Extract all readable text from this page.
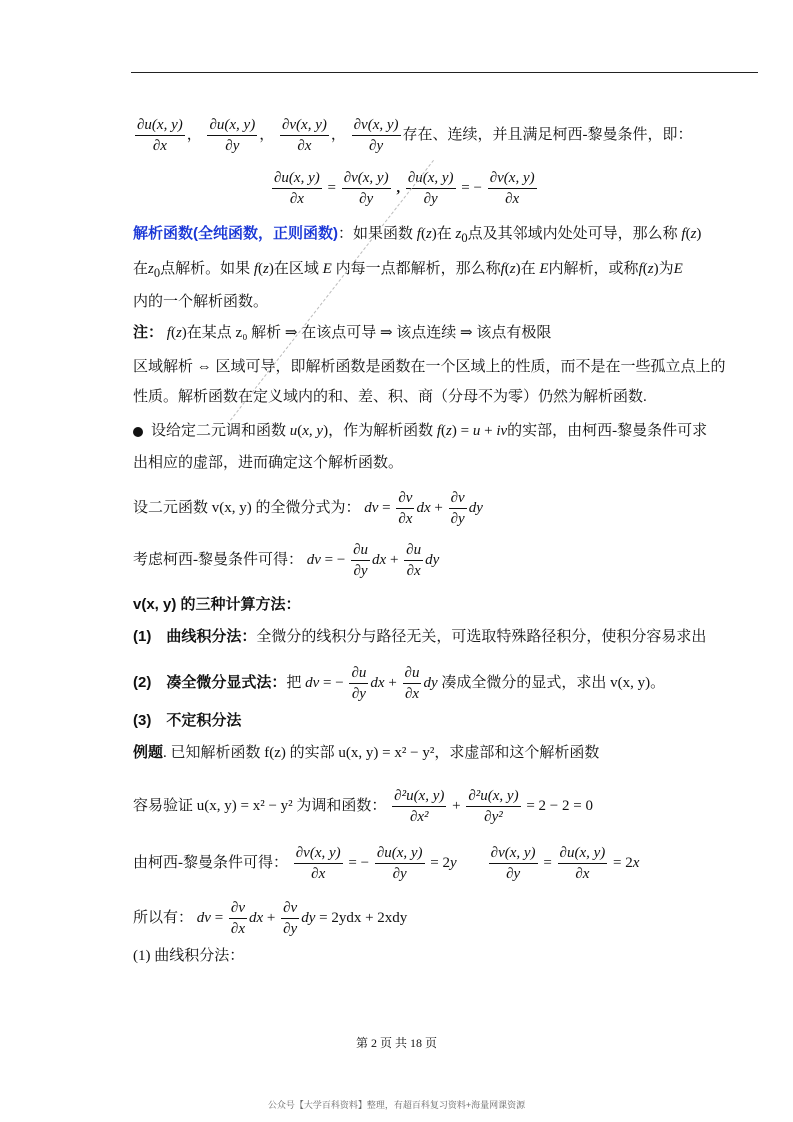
$\frac{\partial u(x, y)}{\partial x}$ ， $\frac{\partial u(x, y)}{\partial y}$ ， $\frac{\partial v(x, y)}{\partial x}$ ， $\frac{\partial v(x, y)}{\partial y}$ 存在、连续，并且满足柯西-黎曼条件，即：
$\frac{\partial u(x, y)}{\partial x} = \frac{\partial v(x, y)}{\partial y}$ , $\frac{\partial u(x, y)}{\partial y}$ = − $\frac{\partial v(x, y)}{\partial x}$
解析函数(全纯函数，正则函数)：如果函数 f(z)在 $z_0$点及其邻域内处处可导，那么称 f(z)
在$z_0$点解析。如果 f(z)在区域 E 内每一点都解析，那么称f(z)在 E内解析，或称f(z)为E
内的一个解析函数。
注： f(z)在某点 z₀ 解析 ⇒ 在该点可导 ⇒ 该点连续 ⇒ 该点有极限
区域解析 ⇔ 区域可导，即解析函数是函数在一个区域上的性质，而不是在一些孤立点上的
性质。解析函数在定义域内的和、差、积、商（分母不为零）仍然为解析函数.
设给定二元调和函数 u(x, y)，作为解析函数 f(z) = u + iv的实部，由柯西-黎曼条件可求
出相应的虚部，进而确定这个解析函数。
设二元函数 v(x, y) 的全微分式为： dv = $\frac{\partial v}{\partial x}$ dx + $\frac{\partial v}{\partial y}$ dy
考虑柯西-黎曼条件可得： dv = − $\frac{\partial u}{\partial y}$ dx + $\frac{\partial u}{\partial x}$ dy
v(x, y) 的三种计算方法：
(1) 曲线积分法：全微分的线积分与路径无关，可选取特殊路径积分，使积分容易求出
(2) 凑全微分显式法：把 dv = − $\frac{\partial u}{\partial y}$ dx + $\frac{\partial u}{\partial x}$ dy 凑成全微分的显式，求出 v(x, y)。
(3) 不定积分法
例题. 已知解析函数 f(z) 的实部 u(x, y) = x² − y²，求虚部和这个解析函数
容易验证 u(x, y) = x² − y² 为调和函数： $\frac{\text{∂²u(x, y)}}{\text{∂x²}} + \frac{\text{∂²u(x, y)}}{\text{∂y²}} = 2 - 2 = 0$
由柯西-黎曼条件可得： $\frac{\partial v(x, y)}{\partial x}$ = − $\frac{\partial u(x, y)}{\partial y} = 2y \frac{\partial v(x, y)}{\partial y} = \frac{\partial u(x, y)}{\partial x} = 2x$
所以有： dv = $\frac{\partial v}{\partial x}$ dx + $\frac{\partial v}{\partial y}$ dy = 2ydx + 2xdy
(1) 曲线积分法：
第 2 页 共 18 页
公众号【大学百科资料】整理，有超百科复习资料+海量网课资源
